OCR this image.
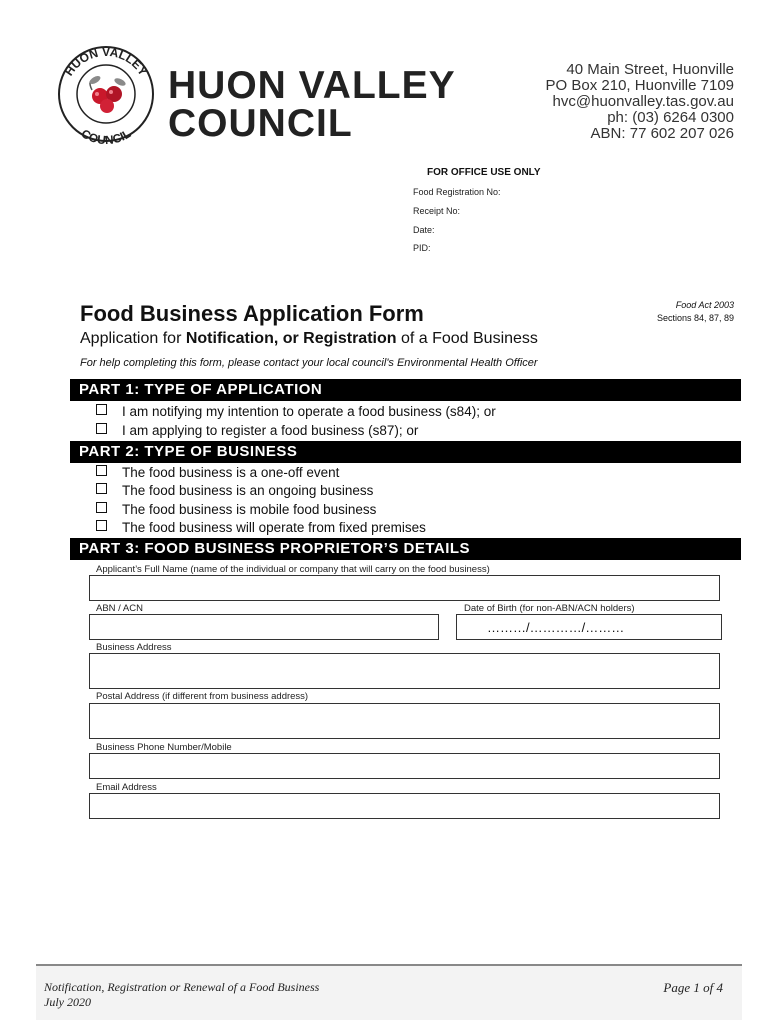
HUON VALLEY
COUNCIL
HUON VALLEY
COUNCIL
40 Main Street, Huonville
PO Box 210, Huonville 7109
hvc@huonvalley.tas.gov.au
ph: (03) 6264 0300
ABN: 77 602 207 026
FOR OFFICE USE ONLY
Food Registration No:
Receipt No:
Date:
PID:
Food Act 2003
Sections 84, 87, 89
Food Business Application Form
Application for Notification, or Registration of a Food Business
For help completing this form, please contact your local council's Environmental Health Officer
PART 1: TYPE OF APPLICATION
I am notifying my intention to operate a food business (s84); or
I am applying to register a food business (s87); or
PART 2: TYPE OF BUSINESS
The food business is a one-off event
The food business is an ongoing business
The food business is mobile food business
The food business will operate from fixed premises
PART 3: FOOD BUSINESS PROPRIETOR’S DETAILS
Applicant’s Full Name (name of the individual or company that will carry on the food business)
ABN / ACN	Date of Birth (for non-ABN/ACN holders)
………/…………/………
Business Address
Postal Address (if different from business address)
Business Phone Number/Mobile
Email Address
Notification, Registration or Renewal of a Food Business
July 2020
Page 1 of 4
